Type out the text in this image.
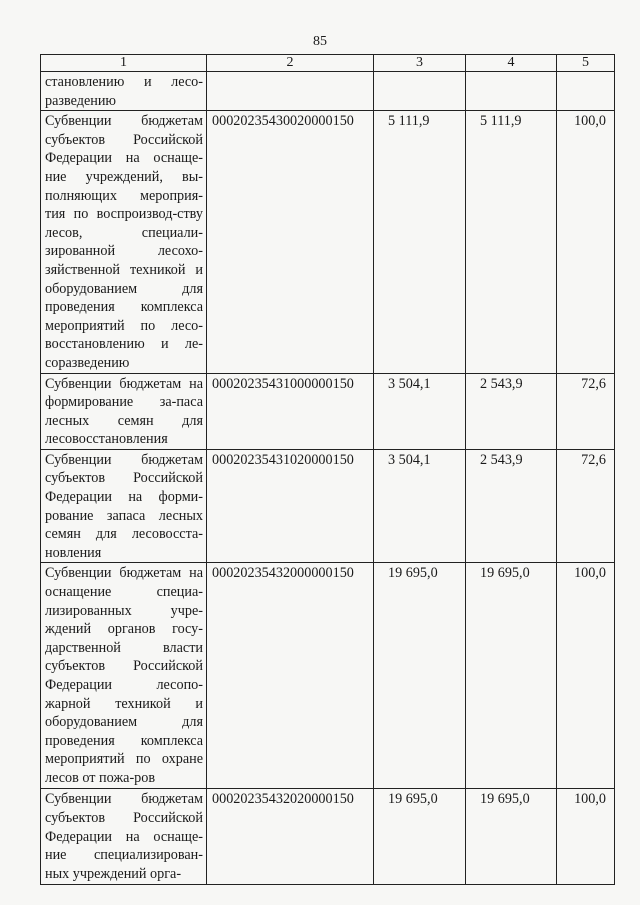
85
1	2	3	4	5
становлению и лесо-разведению				
Субвенции бюджетам субъектов Российской Федерации на оснаще-ние учреждений, вы-полняющих мероприя-тия по воспроизвод-ству лесов, специали-зированной лесохо-зяйственной техникой и оборудованием для проведения комплекса мероприятий по лесо-восстановлению и ле-соразведению	00020235430020000150	5 111,9	5 111,9	100,0
Субвенции бюджетам на формирование за-паса лесных семян для лесовосстановления	00020235431000000150	3 504,1	2 543,9	72,6
Субвенции бюджетам субъектов Российской Федерации на форми-рование запаса лесных семян для лесовосста-новления	00020235431020000150	3 504,1	2 543,9	72,6
Субвенции бюджетам на оснащение специа-лизированных учре-ждений органов госу-дарственной власти субъектов Российской Федерации лесопо-жарной техникой и оборудованием для проведения комплекса мероприятий по охране лесов от пожа-ров	00020235432000000150	19 695,0	19 695,0	100,0
Субвенции бюджетам субъектов Российской Федерации на оснаще-ние специализирован-ных учреждений орга-	00020235432020000150	19 695,0	19 695,0	100,0
